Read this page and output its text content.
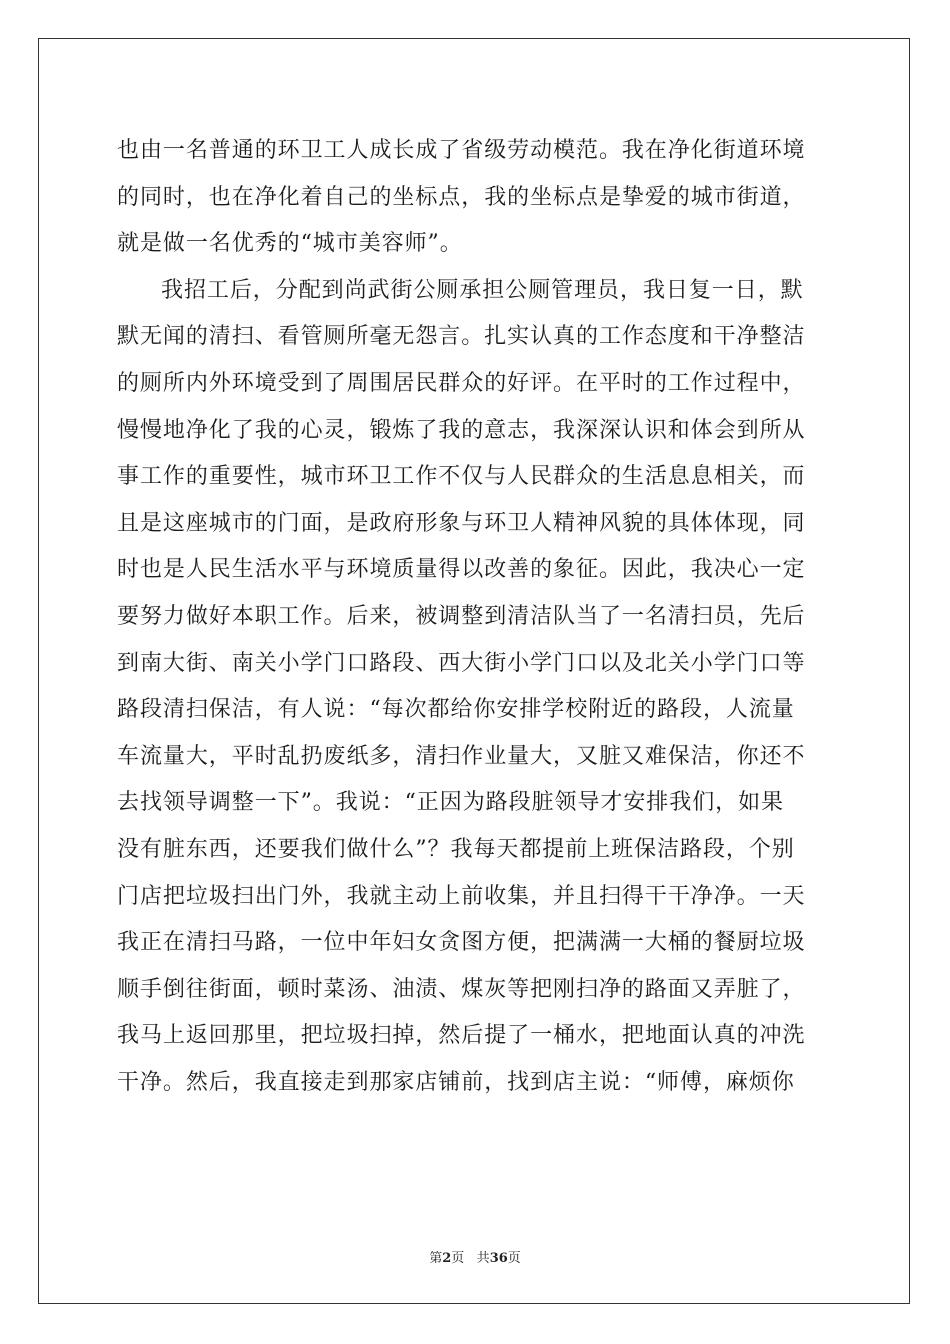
也由一名普通的环卫工人成长成了省级劳动模范。我在净化街道环境
的同时，也在净化着自己的坐标点，我的坐标点是挚爱的城市街道，
就是做一名优秀的“城市美容师”。
我招工后，分配到尚武街公厕承担公厕管理员，我日复一日，默
默无闻的清扫、看管厕所毫无怨言。扎实认真的工作态度和干净整洁
的厕所内外环境受到了周围居民群众的好评。在平时的工作过程中，
慢慢地净化了我的心灵，锻炼了我的意志，我深深认识和体会到所从
事工作的重要性，城市环卫工作不仅与人民群众的生活息息相关，而
且是这座城市的门面，是政府形象与环卫人精神风貌的具体体现，同
时也是人民生活水平与环境质量得以改善的象征。因此，我决心一定
要努力做好本职工作。后来，被调整到清洁队当了一名清扫员，先后
到南大街、南关小学门口路段、西大街小学门口以及北关小学门口等
路段清扫保洁，有人说：“每次都给你安排学校附近的路段，人流量
车流量大，平时乱扔废纸多，清扫作业量大，又脏又难保洁，你还不
去找领导调整一下”。我说：“正因为路段脏领导才安排我们，如果
没有脏东西，还要我们做什么”？我每天都提前上班保洁路段，个别
门店把垃圾扫出门外，我就主动上前收集，并且扫得干干净净。一天
我正在清扫马路，一位中年妇女贪图方便，把满满一大桶的餐厨垃圾
顺手倒往街面，顿时菜汤、油渍、煤灰等把刚扫净的路面又弄脏了，
我马上返回那里，把垃圾扫掉，然后提了一桶水，把地面认真的冲洗
干净。然后，我直接走到那家店铺前，找到店主说：“师傅，麻烦你
第2页 共36页
